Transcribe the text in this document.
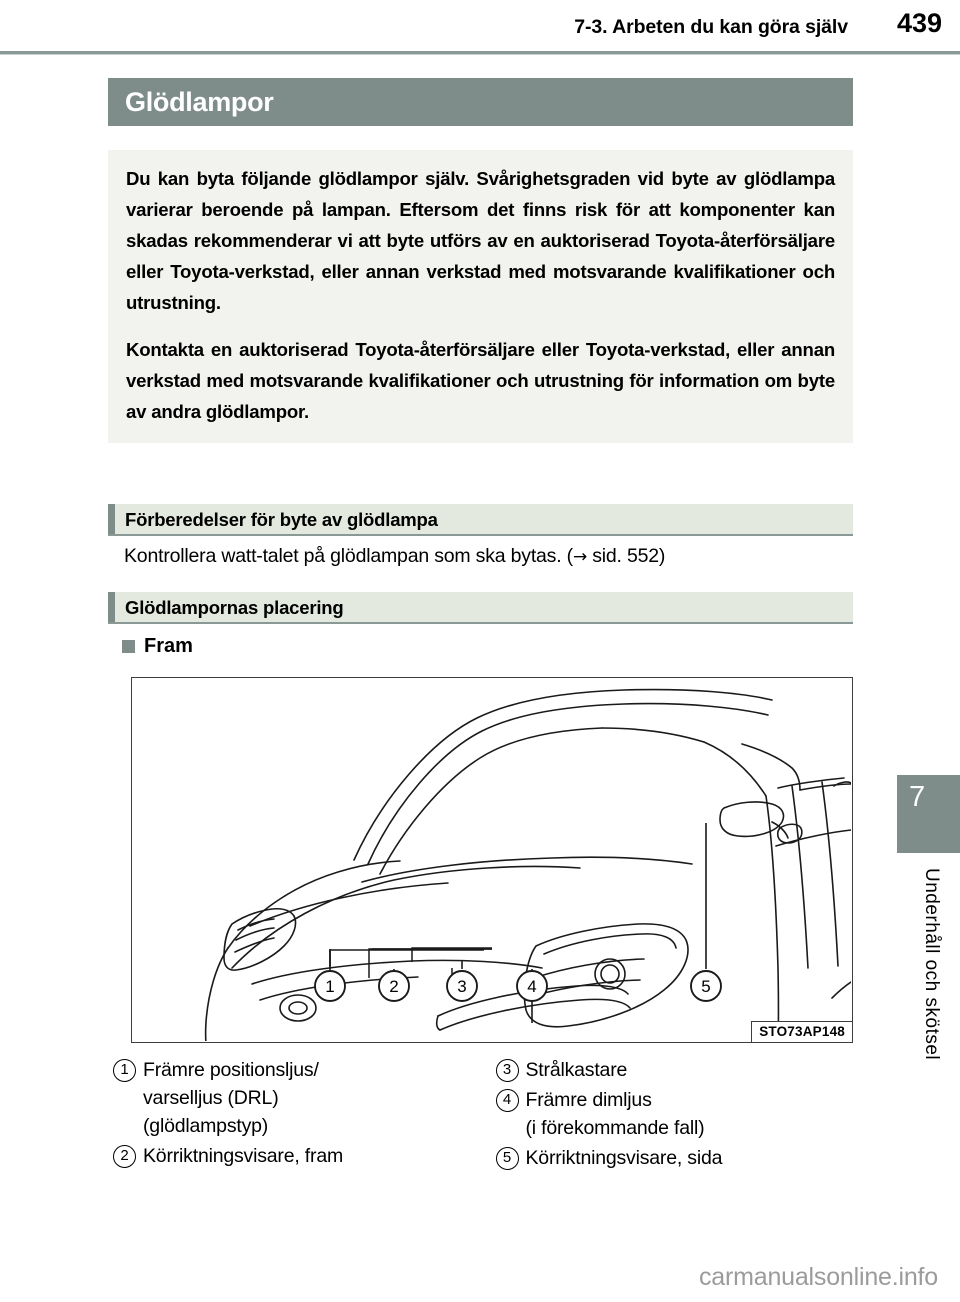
7-3. Arbeten du kan göra själv 439
Glödlampor

Du kan byta följande glödlampor själv. Svårighetsgraden vid byte av glödlampa varierar beroende på lampan. Eftersom det finns risk för att komponenter kan skadas rekommenderar vi att byte utförs av en auktoriserad Toyota-återförsäljare eller Toyota-verkstad, eller annan verkstad med motsvarande kvalifikationer och utrustning.

Kontakta en auktoriserad Toyota-återförsäljare eller Toyota-verkstad, eller annan verkstad med motsvarande kvalifikationer och utrustning för information om byte av andra glödlampor.

Förberedelser för byte av glödlampa
Kontrollera watt-talet på glödlampan som ska bytas. (→ sid. 552)
Glödlampornas placering
Fram
1	2	3	4	5
STO73AP148
1 Främre positionsljus/
varselljus (DRL)
(glödlampstyp)
2 Körriktningsvisare, fram
3 Strålkastare
4 Främre dimljus
(i förekommande fall)
5 Körriktningsvisare, sida
7
Underhåll och skötsel
carmanualsonline.info
